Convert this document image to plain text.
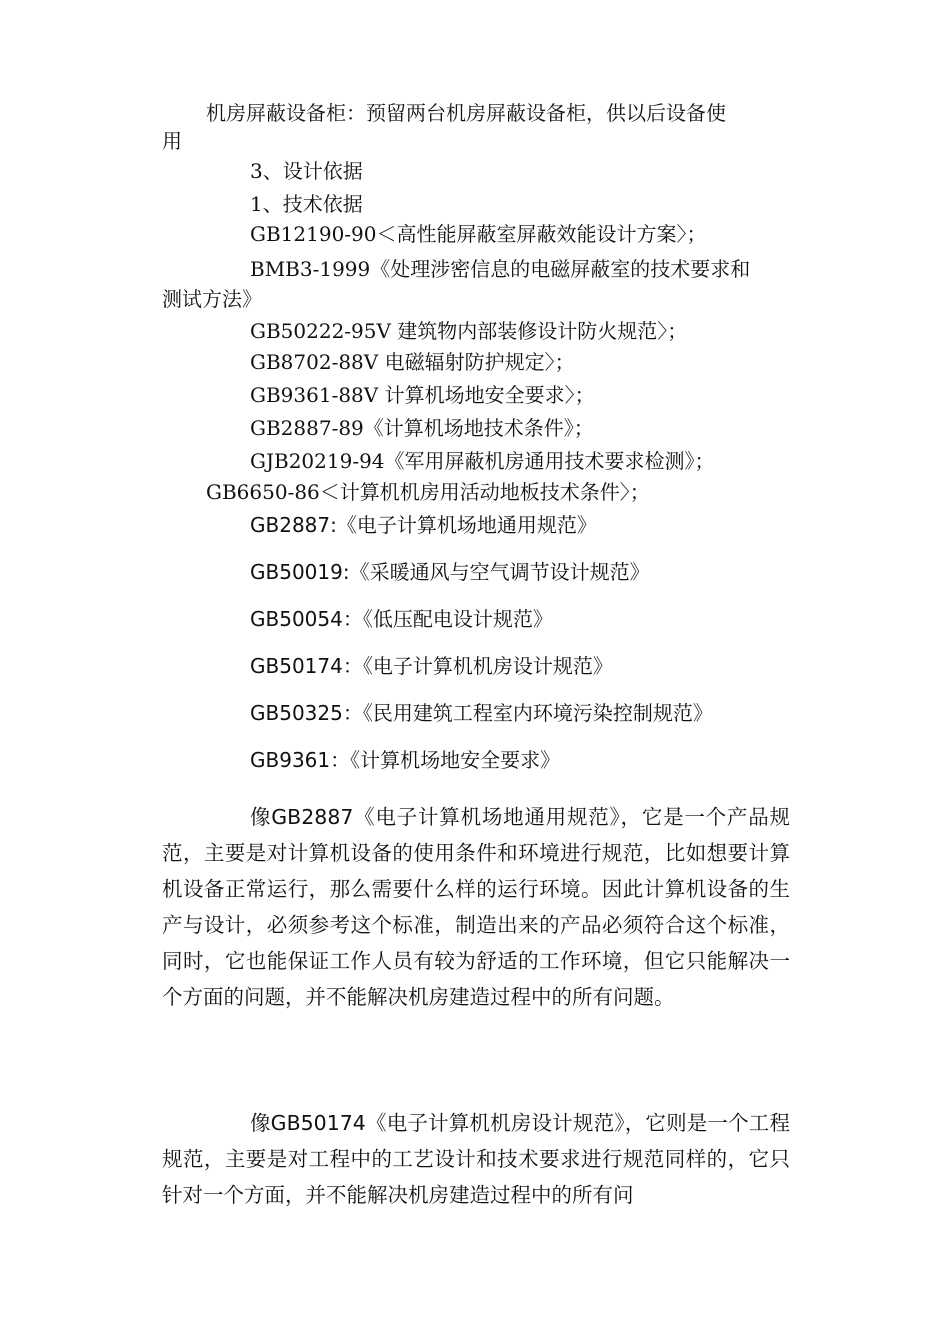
机房屏蔽设备柜：预留两台机房屏蔽设备柜，供以后设备使
用
3、设计依据
1、技术依据
GB12190-90＜高性能屏蔽室屏蔽效能设计方案〉；
BMB3-1999《处理涉密信息的电磁屏蔽室的技术要求和
测试方法》
GB50222-95V 建筑物内部装修设计防火规范〉；
GB8702-88V 电磁辐射防护规定〉；
GB9361-88V 计算机场地安全要求〉；
GB2887-89《计算机场地技术条件》；
GJB20219-94《军用屏蔽机房通用技术要求检测》；
GB6650-86＜计算机机房用活动地板技术条件〉；
GB2887:《电子计算机场地通用规范》
GB50019:《采暖通风与空气调节设计规范》
GB50054：《低压配电设计规范》
GB50174：《电子计算机机房设计规范》
GB50325：《民用建筑工程室内环境污染控制规范》
GB9361：《计算机场地安全要求》

像GB2887《电子计算机场地通用规范》，它是一个产品规范，主要是对计算机设备的使用条件和环境进行规范，比如想要计算机设备正常运行，那么需要什么样的运行环境。因此计算机设备的生产与设计，必须参考这个标准，制造出来的产品必须符合这个标准，同时，它也能保证工作人员有较为舒适的工作环境，但它只能解决一个方面的问题，并不能解决机房建造过程中的所有问题。

像GB50174《电子计算机机房设计规范》，它则是一个工程规范，主要是对工程中的工艺设计和技术要求进行规范同样的，它只针对一个方面，并不能解决机房建造过程中的所有问
